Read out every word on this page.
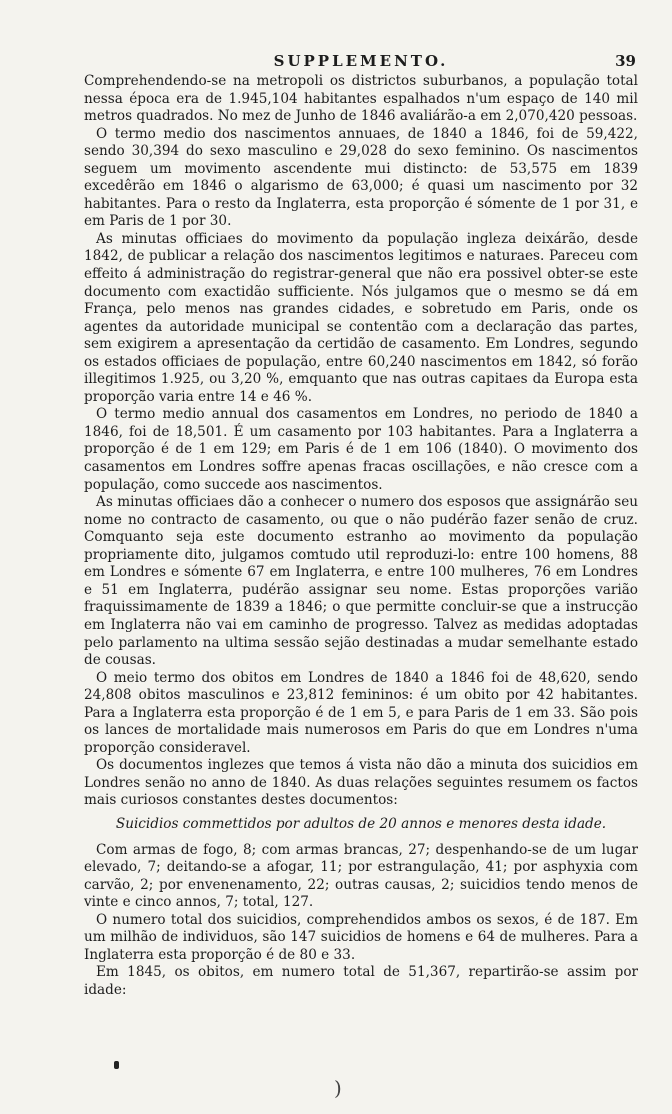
SUPPLEMENTO.	39

Comprehendendo-se na metropoli os districtos suburbanos, a população total nessa época era de 1.945,104 habitantes espalhados n'um espaço de 140 mil metros quadrados. No mez de Junho de 1846 avaliárão-a em 2,070,420 pessoas.

O termo medio dos nascimentos annuaes, de 1840 a 1846, foi de 59,422, sendo 30,394 do sexo masculino e 29,028 do sexo feminino. Os nascimentos seguem um movimento ascendente mui distincto: de 53,575 em 1839 excedêrão em 1846 o algarismo de 63,000; é quasi um nascimento por 32 habitantes. Para o resto da Inglaterra, esta proporção é sómente de 1 por 31, e em Paris de 1 por 30.

As minutas officiaes do movimento da população ingleza deixárão, desde 1842, de publicar a relação dos nascimentos legitimos e naturaes. Pareceu com effeito á administração do registrar-general que não era possivel obter-se este documento com exactidão sufficiente. Nós julgamos que o mesmo se dá em França, pelo menos nas grandes cidades, e sobretudo em Paris, onde os agentes da autoridade municipal se contentão com a declaração das partes, sem exigirem a apresentação da certidão de casamento. Em Londres, segundo os estados officiaes de população, entre 60,240 nascimentos em 1842, só forão illegitimos 1.925, ou 3,20 %, emquanto que nas outras capitaes da Europa esta proporção varia entre 14 e 46 %.

O termo medio annual dos casamentos em Londres, no periodo de 1840 a 1846, foi de 18,501. É um casamento por 103 habitantes. Para a Inglaterra a proporção é de 1 em 129; em Paris é de 1 em 106 (1840). O movimento dos casamentos em Londres soffre apenas fracas oscillações, e não cresce com a população, como succede aos nascimentos.

As minutas officiaes dão a conhecer o numero dos esposos que assignárão seu nome no contracto de casamento, ou que o não pudérão fazer senão de cruz. Comquanto seja este documento estranho ao movimento da população propriamente dito, julgamos comtudo util reproduzi-lo: entre 100 homens, 88 em Londres e sómente 67 em Inglaterra, e entre 100 mulheres, 76 em Londres e 51 em Inglaterra, pudérão assignar seu nome. Estas proporções varião fraquissimamente de 1839 a 1846; o que permitte concluir-se que a instrucção em Inglaterra não vai em caminho de progresso. Talvez as medidas adoptadas pelo parlamento na ultima sessão sejão destinadas a mudar semelhante estado de cousas.

O meio termo dos obitos em Londres de 1840 a 1846 foi de 48,620, sendo 24,808 obitos masculinos e 23,812 femininos: é um obito por 42 habitantes. Para a Inglaterra esta proporção é de 1 em 5, e para Paris de 1 em 33. São pois os lances de mortalidade mais numerosos em Paris do que em Londres n'uma proporção consideravel.

Os documentos inglezes que temos á vista não dão a minuta dos suicidios em Londres senão no anno de 1840. As duas relações seguintes resumem os factos mais curiosos constantes destes documentos:

Suicidios commettidos por adultos de 20 annos e menores desta idade.

Com armas de fogo, 8; com armas brancas, 27; despenhando-se de um lugar elevado, 7; deitando-se a afogar, 11; por estrangulação, 41; por asphyxia com carvão, 2; por envenenamento, 22; outras causas, 2; suicidios tendo menos de vinte e cinco annos, 7; total, 127.

O numero total dos suicidios, comprehendidos ambos os sexos, é de 187. Em um milhão de individuos, são 147 suicidios de homens e 64 de mulheres. Para a Inglaterra esta proporção é de 80 e 33.

Em 1845, os obitos, em numero total de 51,367, repartirão-se assim por idade:

)
